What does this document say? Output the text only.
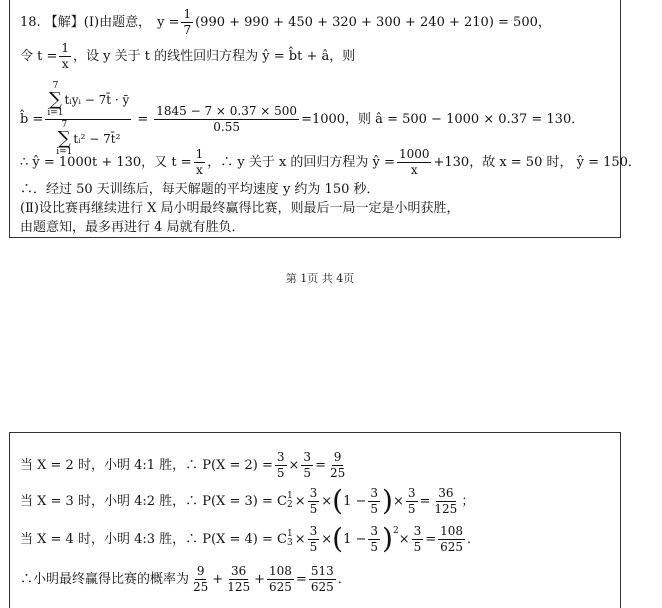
18. 【解】(Ⅰ)由题意， $y = \frac{1}{7} (990 + 990 + 450 + 320 + 300 + 240 + 210) = 500$，
令 $t = \frac{1}{x}$ ，设 y 关于 t 的线性回归方程为 ŷ = b̂t + â，则
b̂ = 7
∑
i=1
tᵢyᵢ − 7t̄ · ȳ
7
∑
i=1
tᵢ² − 7t̄² = $\frac{1845 - 7 \times 0.37 \times 500}{0.55} =1000$，则 â = 500 − 1000 × 0.37 = 130．
∴ ŷ = 1000t + 130，又 $t = \frac{1}{x}$ ，∴ y 关于 x 的回归方程为 ŷ = $\frac{1000}{x} +130$，故 x = 50 时， ŷ = 150．
∴．经过 50 天训练后，每天解题的平均速度 y 约为 150 秒．
(Ⅱ)设比赛再继续进行 X 局小明最终赢得比赛，则最后一局一定是小明获胜，
由题意知，最多再进行 4 局就有胜负．
第 1页 共 4页
当 X = 2 时，小明 4:1 胜，∴ $P(X = 2) = \frac{3}{5} \times \frac{3}{5} = \frac{9}{25}$
当 X = 3 时，小明 4:2 胜，∴ P(X = 3) = C 1
$2 \times \frac{3}{5}$ × ( $1 - \frac{3}{5}$ ) × $\frac{3}{5} = \frac{36}{125}$ ；
当 X = 4 时，小明 4:3 胜，∴ P(X = 4) = C 1
$3 \times \frac{3}{5}$ × ( $1 - \frac{3}{5} )^2$
× $\frac{3}{5} = \frac{108}{625}$ ．
∴小明最终赢得比赛的概率为 $\frac{9}{25} + \frac{36}{125} + \frac{108}{625} = \frac{513}{625}$ ．
